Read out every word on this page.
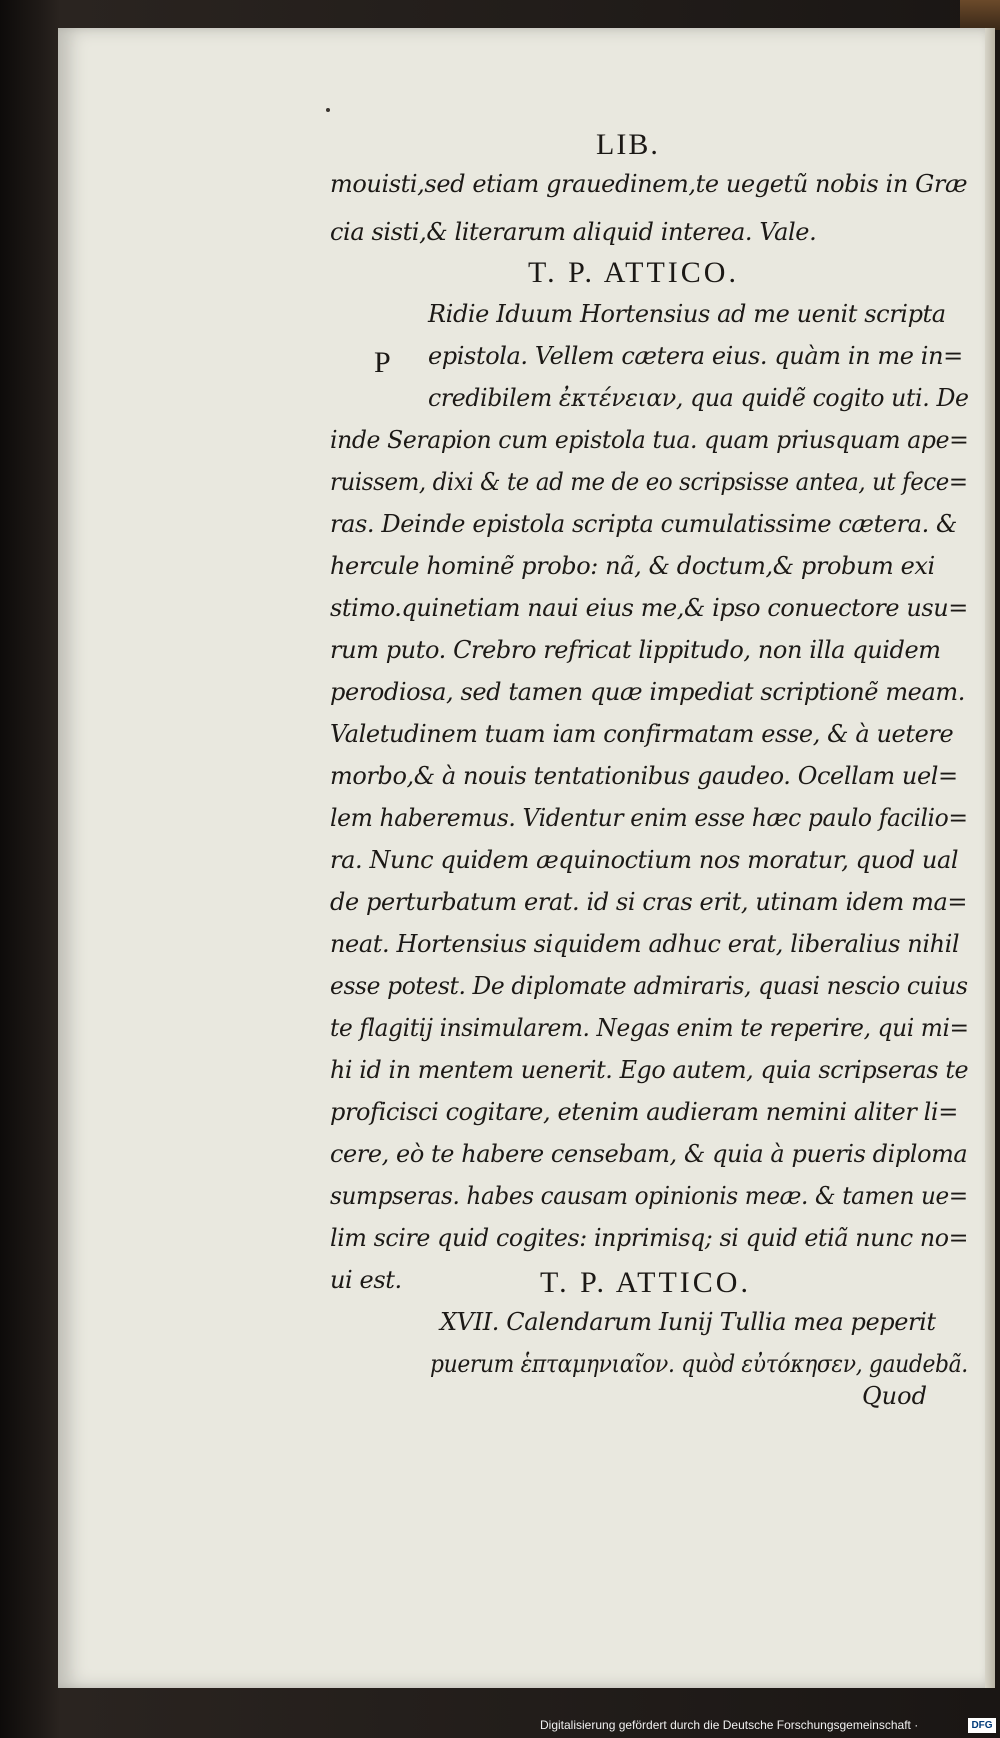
LIB.
mouisti,sed etiam grauedinem,te uegetũ nobis in Græ
cia sisti,& literarum aliquid interea. Vale.
T. P. ATTICO.
P
Ridie Iduum Hortensius ad me uenit scripta
epistola. Vellem cætera eius. quàm in me in=
credibilem ἐκτένειαν, qua quidẽ cogito uti. De
inde Serapion cum epistola tua. quam priusquam ape=
ruissem, dixi & te ad me de eo scripsisse antea, ut fece=
ras. Deinde epistola scripta cumulatissime cætera. &
hercule hominẽ probo: nã, & doctum,& probum exi
stimo.quinetiam naui eius me,& ipso conuectore usu=
rum puto. Crebro refricat lippitudo, non illa quidem
perodiosa, sed tamen quæ impediat scriptionẽ meam.
Valetudinem tuam iam confirmatam esse, & à uetere
morbo,& à nouis tentationibus gaudeo. Ocellam uel=
lem haberemus. Videntur enim esse hæc paulo facilio=
ra. Nunc quidem æquinoctium nos moratur, quod ual
de perturbatum erat. id si cras erit, utinam idem ma=
neat. Hortensius siquidem adhuc erat, liberalius nihil
esse potest. De diplomate admiraris, quasi nescio cuius
te flagitij insimularem. Negas enim te reperire, qui mi=
hi id in mentem uenerit. Ego autem, quia scripseras te
proficisci cogitare, etenim audieram nemini aliter li=
cere, eò te habere censebam, & quia à pueris diploma
sumpseras. habes causam opinionis meæ. & tamen ue=
lim scire quid cogites: inprimisq; si quid etiã nunc no=
ui est.	T. P. ATTICO.
XVII. Calendarum Iunij Tullia mea peperit
puerum ἑπταμηνιαῖον. quòd εὐτόκησεν, gaudebã.
Quod
Digitalisierung gefördert durch die Deutsche Forschungsgemeinschaft ·	DFG
